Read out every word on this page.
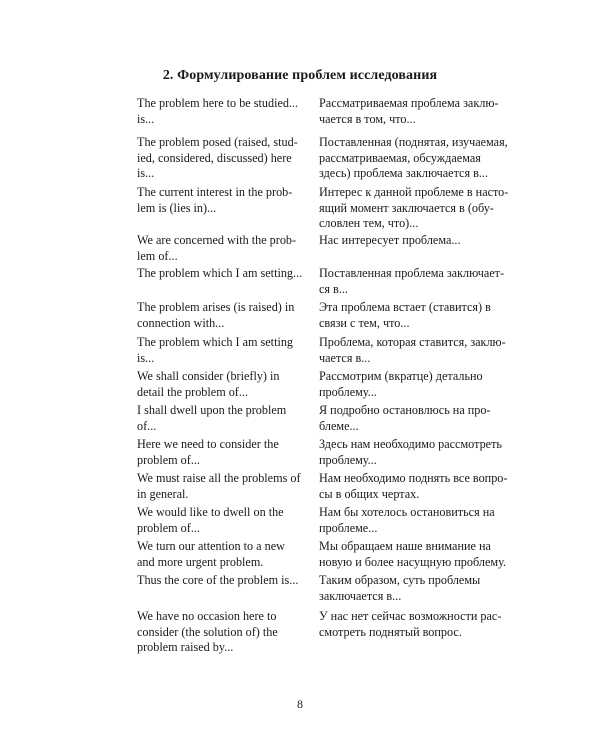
2. Формулирование проблем исследования
The problem here to be studied...
is...
Рассматриваемая проблема заклю-
чается в том, что...
The problem posed (raised, stud-
ied, considered, discussed) here
is...
Поставленная (поднятая, изучаемая,
рассматриваемая, обсуждаемая
здесь) проблема заключается в...
The current interest in the prob-
lem is (lies in)...
Интерес к данной проблеме в насто-
ящий момент заключается в (обу-
словлен тем, что)...
We are concerned with the prob-
lem of...
Нас интересует проблема...
The problem which I am setting...	Поставленная проблема заключает-
ся в...
The problem arises (is raised) in
connection with...
Эта проблема встает (ставится) в
связи с тем, что...
The problem which I am setting
is...
Проблема, которая ставится, заклю-
чается в...
We shall consider (briefly) in
detail the problem of...
Рассмотрим (вкратце) детально
проблему...
I shall dwell upon the problem
of...
Я подробно остановлюсь на про-
блеме...
Here we need to consider the
problem of...
Здесь нам необходимо рассмотреть
проблему...
We must raise all the problems of
in general.
Нам необходимо поднять все вопро-
сы в общих чертах.
We would like to dwell on the
problem of...
Нам бы хотелось остановиться на
проблеме...
We turn our attention to a new
and more urgent problem.
Мы обращаем наше внимание на
новую и более насущную проблему.
Thus the core of the problem is...	Таким образом, суть проблемы
заключается в...
We have no occasion here to
consider (the solution of) the
problem raised by...
У нас нет сейчас возможности рас-
смотреть поднятый вопрос.
8
